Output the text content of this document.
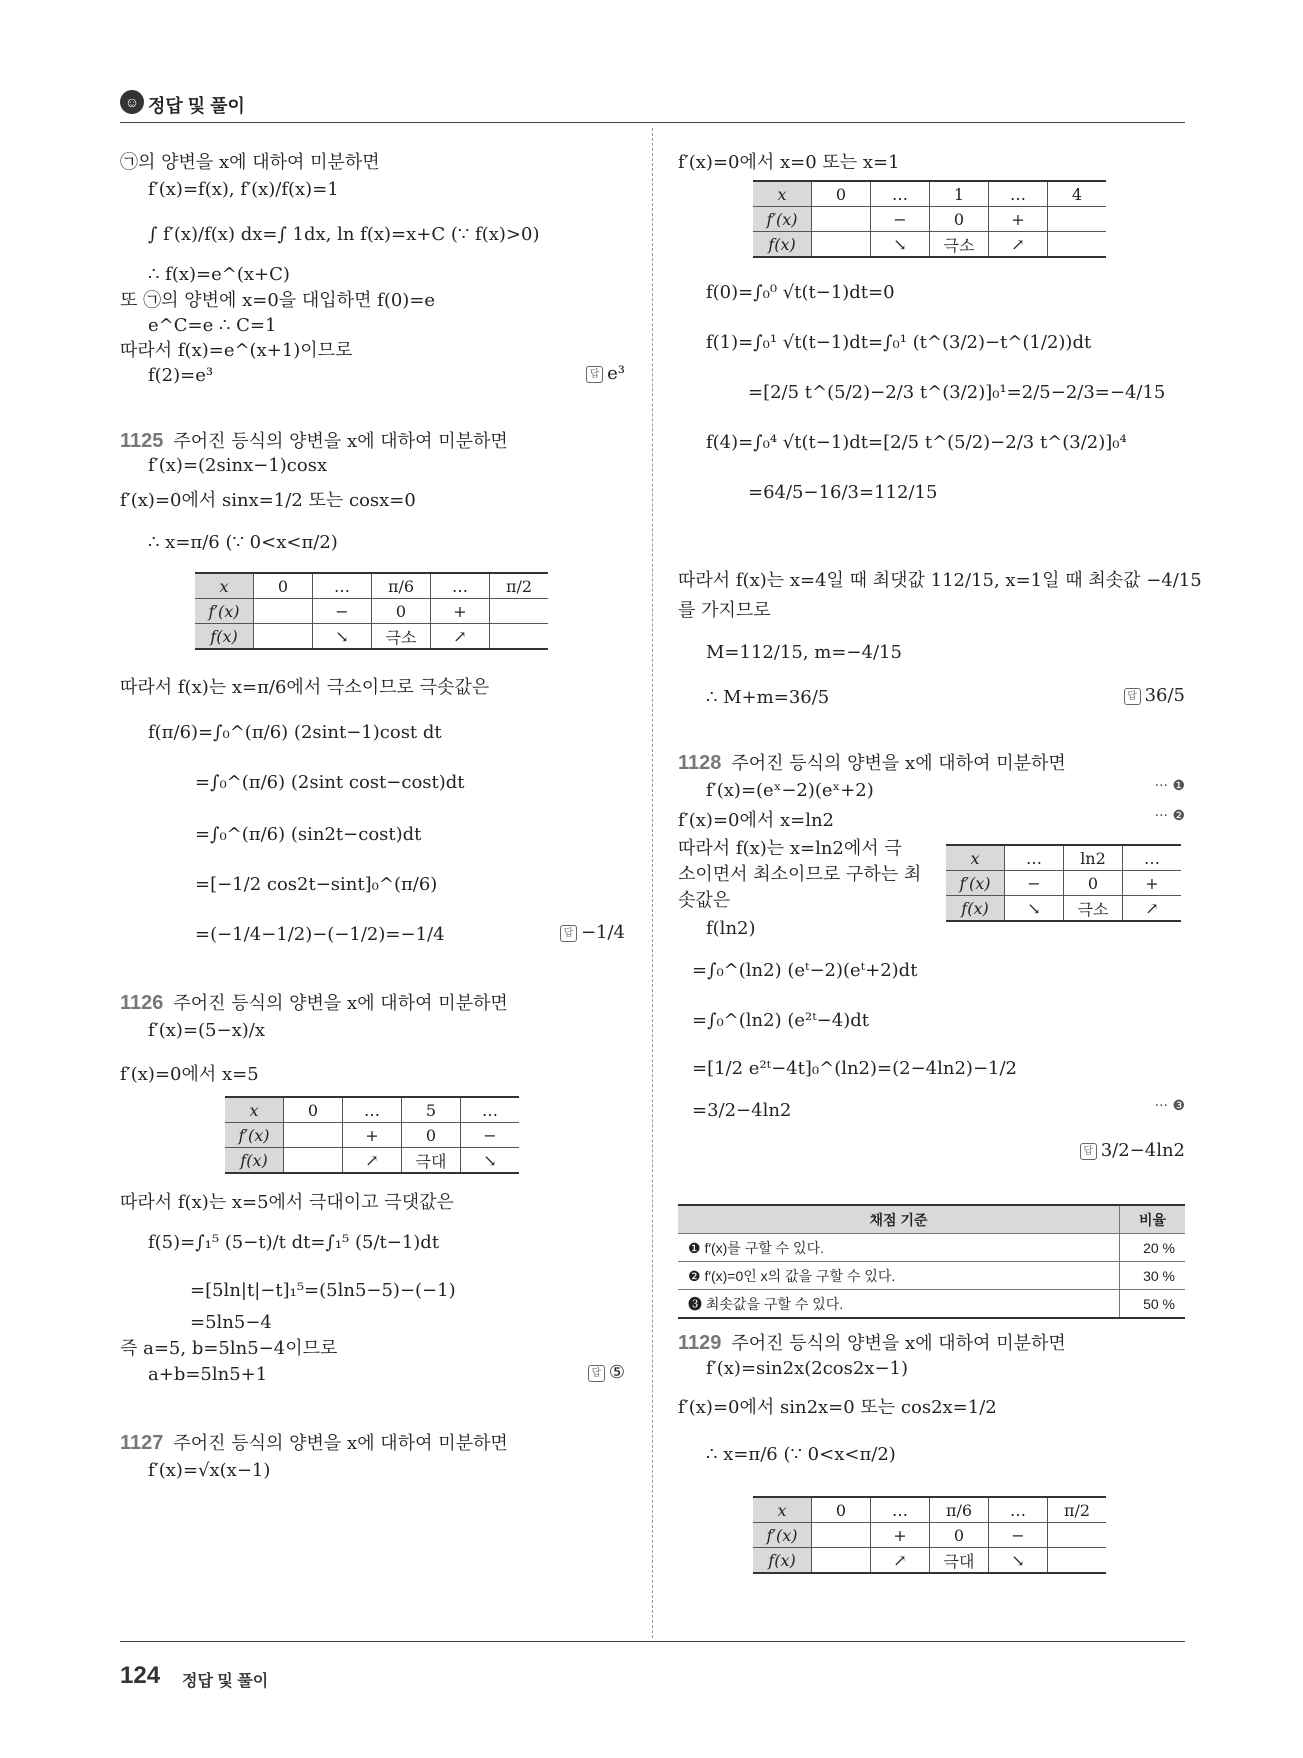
☺ 정답 및 풀이
㉠의 양변을 x에 대하여 미분하면
f′(x)=f(x), f′(x)/f(x)=1
∫ f′(x)/f(x) dx=∫ 1dx, ln f(x)=x+C (∵ f(x)>0)
∴ f(x)=e^(x+C)
또 ㉠의 양변에 x=0을 대입하면 f(0)=e
e^C=e ∴ C=1
따라서 f(x)=e^(x+1)이므로
f(2)=e³	답 e³
1125 주어진 등식의 양변을 x에 대하여 미분하면
f′(x)=(2sinx−1)cosx
f′(x)=0에서 sinx=1/2 또는 cosx=0
∴ x=π/6 (∵ 0<x<π/2)
x	0	…	π/6	…	π/2
f′(x)		−	0	+	
f(x)		↘	극소	↗	
따라서 f(x)는 x=π/6에서 극소이므로 극솟값은
f(π/6)=∫₀^(π/6) (2sint−1)cost dt
=∫₀^(π/6) (2sint cost−cost)dt
=∫₀^(π/6) (sin2t−cost)dt
=[−1/2 cos2t−sint]₀^(π/6)
=(−1/4−1/2)−(−1/2)=−1/4	답 −1/4
1126 주어진 등식의 양변을 x에 대하여 미분하면
f′(x)=(5−x)/x
f′(x)=0에서 x=5
x	0	…	5	…
f′(x)		+	0	−
f(x)		↗	극대	↘
따라서 f(x)는 x=5에서 극대이고 극댓값은
f(5)=∫₁⁵ (5−t)/t dt=∫₁⁵ (5/t−1)dt
=[5ln|t|−t]₁⁵=(5ln5−5)−(−1)
=5ln5−4
즉 a=5, b=5ln5−4이므로
a+b=5ln5+1	답 ⑤
1127 주어진 등식의 양변을 x에 대하여 미분하면
f′(x)=√x(x−1)
f′(x)=0에서 x=0 또는 x=1
x	0	…	1	…	4
f′(x)		−	0	+	
f(x)		↘	극소	↗	
f(0)=∫₀⁰ √t(t−1)dt=0
f(1)=∫₀¹ √t(t−1)dt=∫₀¹ (t^(3/2)−t^(1/2))dt
=[2/5 t^(5/2)−2/3 t^(3/2)]₀¹=2/5−2/3=−4/15
f(4)=∫₀⁴ √t(t−1)dt=[2/5 t^(5/2)−2/3 t^(3/2)]₀⁴
=64/5−16/3=112/15
따라서 f(x)는 x=4일 때 최댓값 112/15, x=1일 때 최솟값 −4/15
를 가지므로
M=112/15, m=−4/15
∴ M+m=36/5	답 36/5
1128 주어진 등식의 양변을 x에 대하여 미분하면
f′(x)=(eˣ−2)(eˣ+2)	··· ❶
f′(x)=0에서 x=ln2	··· ❷
따라서 f(x)는 x=ln2에서 극
소이면서 최소이므로 구하는 최
솟값은
x	…	ln2	…
f′(x)	−	0	+
f(x)	↘	극소	↗
f(ln2)
=∫₀^(ln2) (eᵗ−2)(eᵗ+2)dt
=∫₀^(ln2) (e²ᵗ−4)dt
=[1/2 e²ᵗ−4t]₀^(ln2)=(2−4ln2)−1/2
=3/2−4ln2	··· ❸
답 3/2−4ln2
채점 기준	비율
❶ f′(x)를 구할 수 있다.	20 %
❷ f′(x)=0인 x의 값을 구할 수 있다.	30 %
❸ 최솟값을 구할 수 있다.	50 %
1129 주어진 등식의 양변을 x에 대하여 미분하면
f′(x)=sin2x(2cos2x−1)
f′(x)=0에서 sin2x=0 또는 cos2x=1/2
∴ x=π/6 (∵ 0<x<π/2)
x	0	…	π/6	…	π/2
f′(x)		+	0	−	
f(x)		↗	극대	↘	
124 정답 및 풀이
